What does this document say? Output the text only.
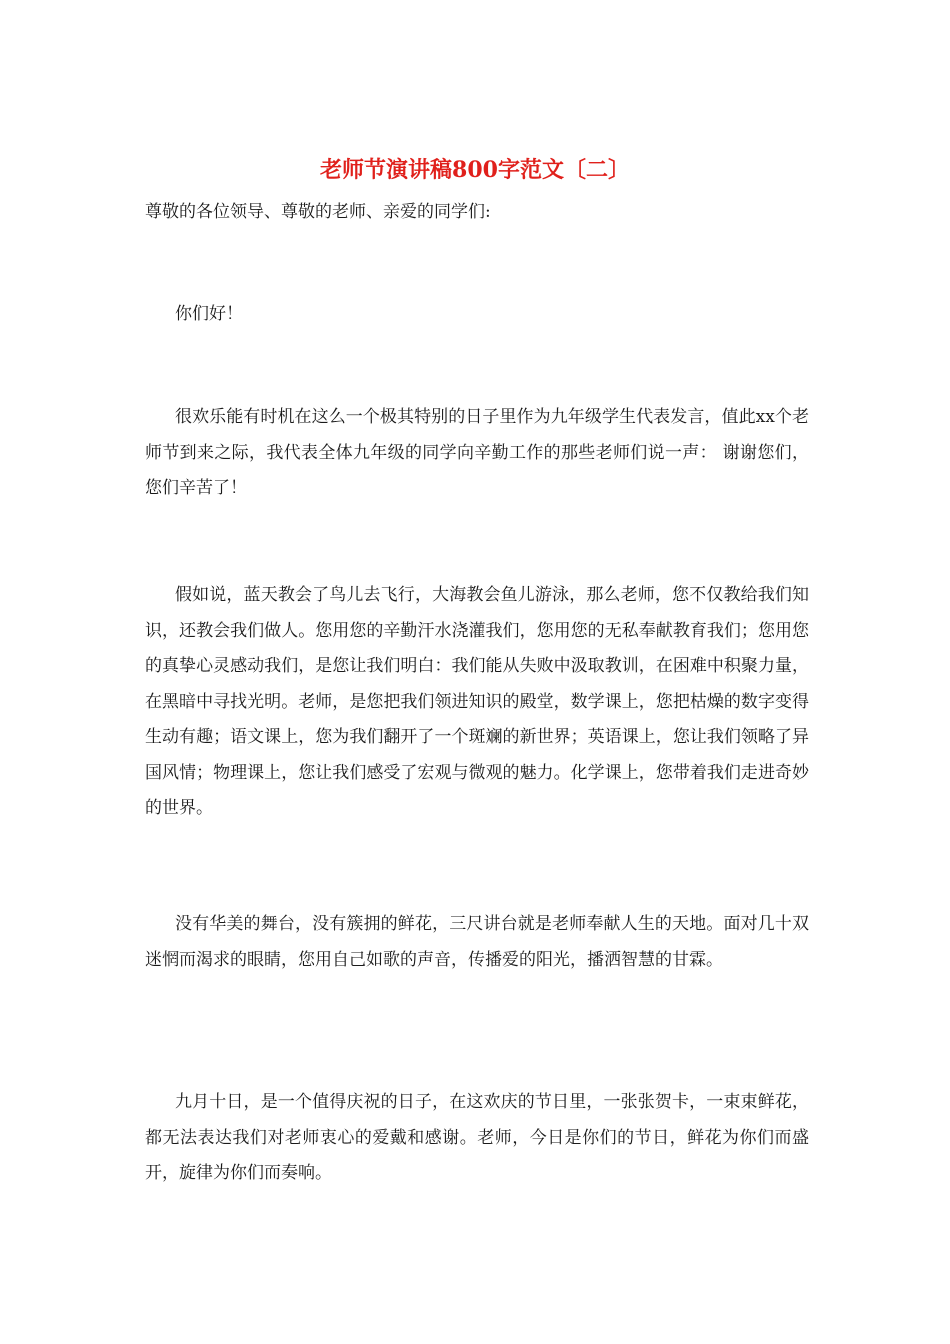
老师节演讲稿800字范文〔二〕

尊敬的各位领导、尊敬的老师、亲爱的同学们:

你们好！

很欢乐能有时机在这么一个极其特别的日子里作为九年级学生代表发言，值此xx个老师节到来之际，我代表全体九年级的同学向辛勤工作的那些老师们说一声： 谢谢您们，您们辛苦了！

假如说，蓝天教会了鸟儿去飞行，大海教会鱼儿游泳，那么老师，您不仅教给我们知识，还教会我们做人。您用您的辛勤汗水浇灌我们，您用您的无私奉献教育我们；您用您的真挚心灵感动我们，是您让我们明白：我们能从失败中汲取教训，在困难中积聚力量，在黑暗中寻找光明。老师，是您把我们领进知识的殿堂，数学课上，您把枯燥的数字变得生动有趣；语文课上，您为我们翻开了一个斑斓的新世界；英语课上，您让我们领略了异国风情；物理课上，您让我们感受了宏观与微观的魅力。化学课上，您带着我们走进奇妙的世界。

没有华美的舞台，没有簇拥的鲜花，三尺讲台就是老师奉献人生的天地。面对几十双迷惘而渴求的眼睛，您用自己如歌的声音，传播爱的阳光，播洒智慧的甘霖。

九月十日，是一个值得庆祝的日子，在这欢庆的节日里，一张张贺卡，一束束鲜花，都无法表达我们对老师衷心的爱戴和感谢。老师，今日是你们的节日，鲜花为你们而盛开，旋律为你们而奏响。
